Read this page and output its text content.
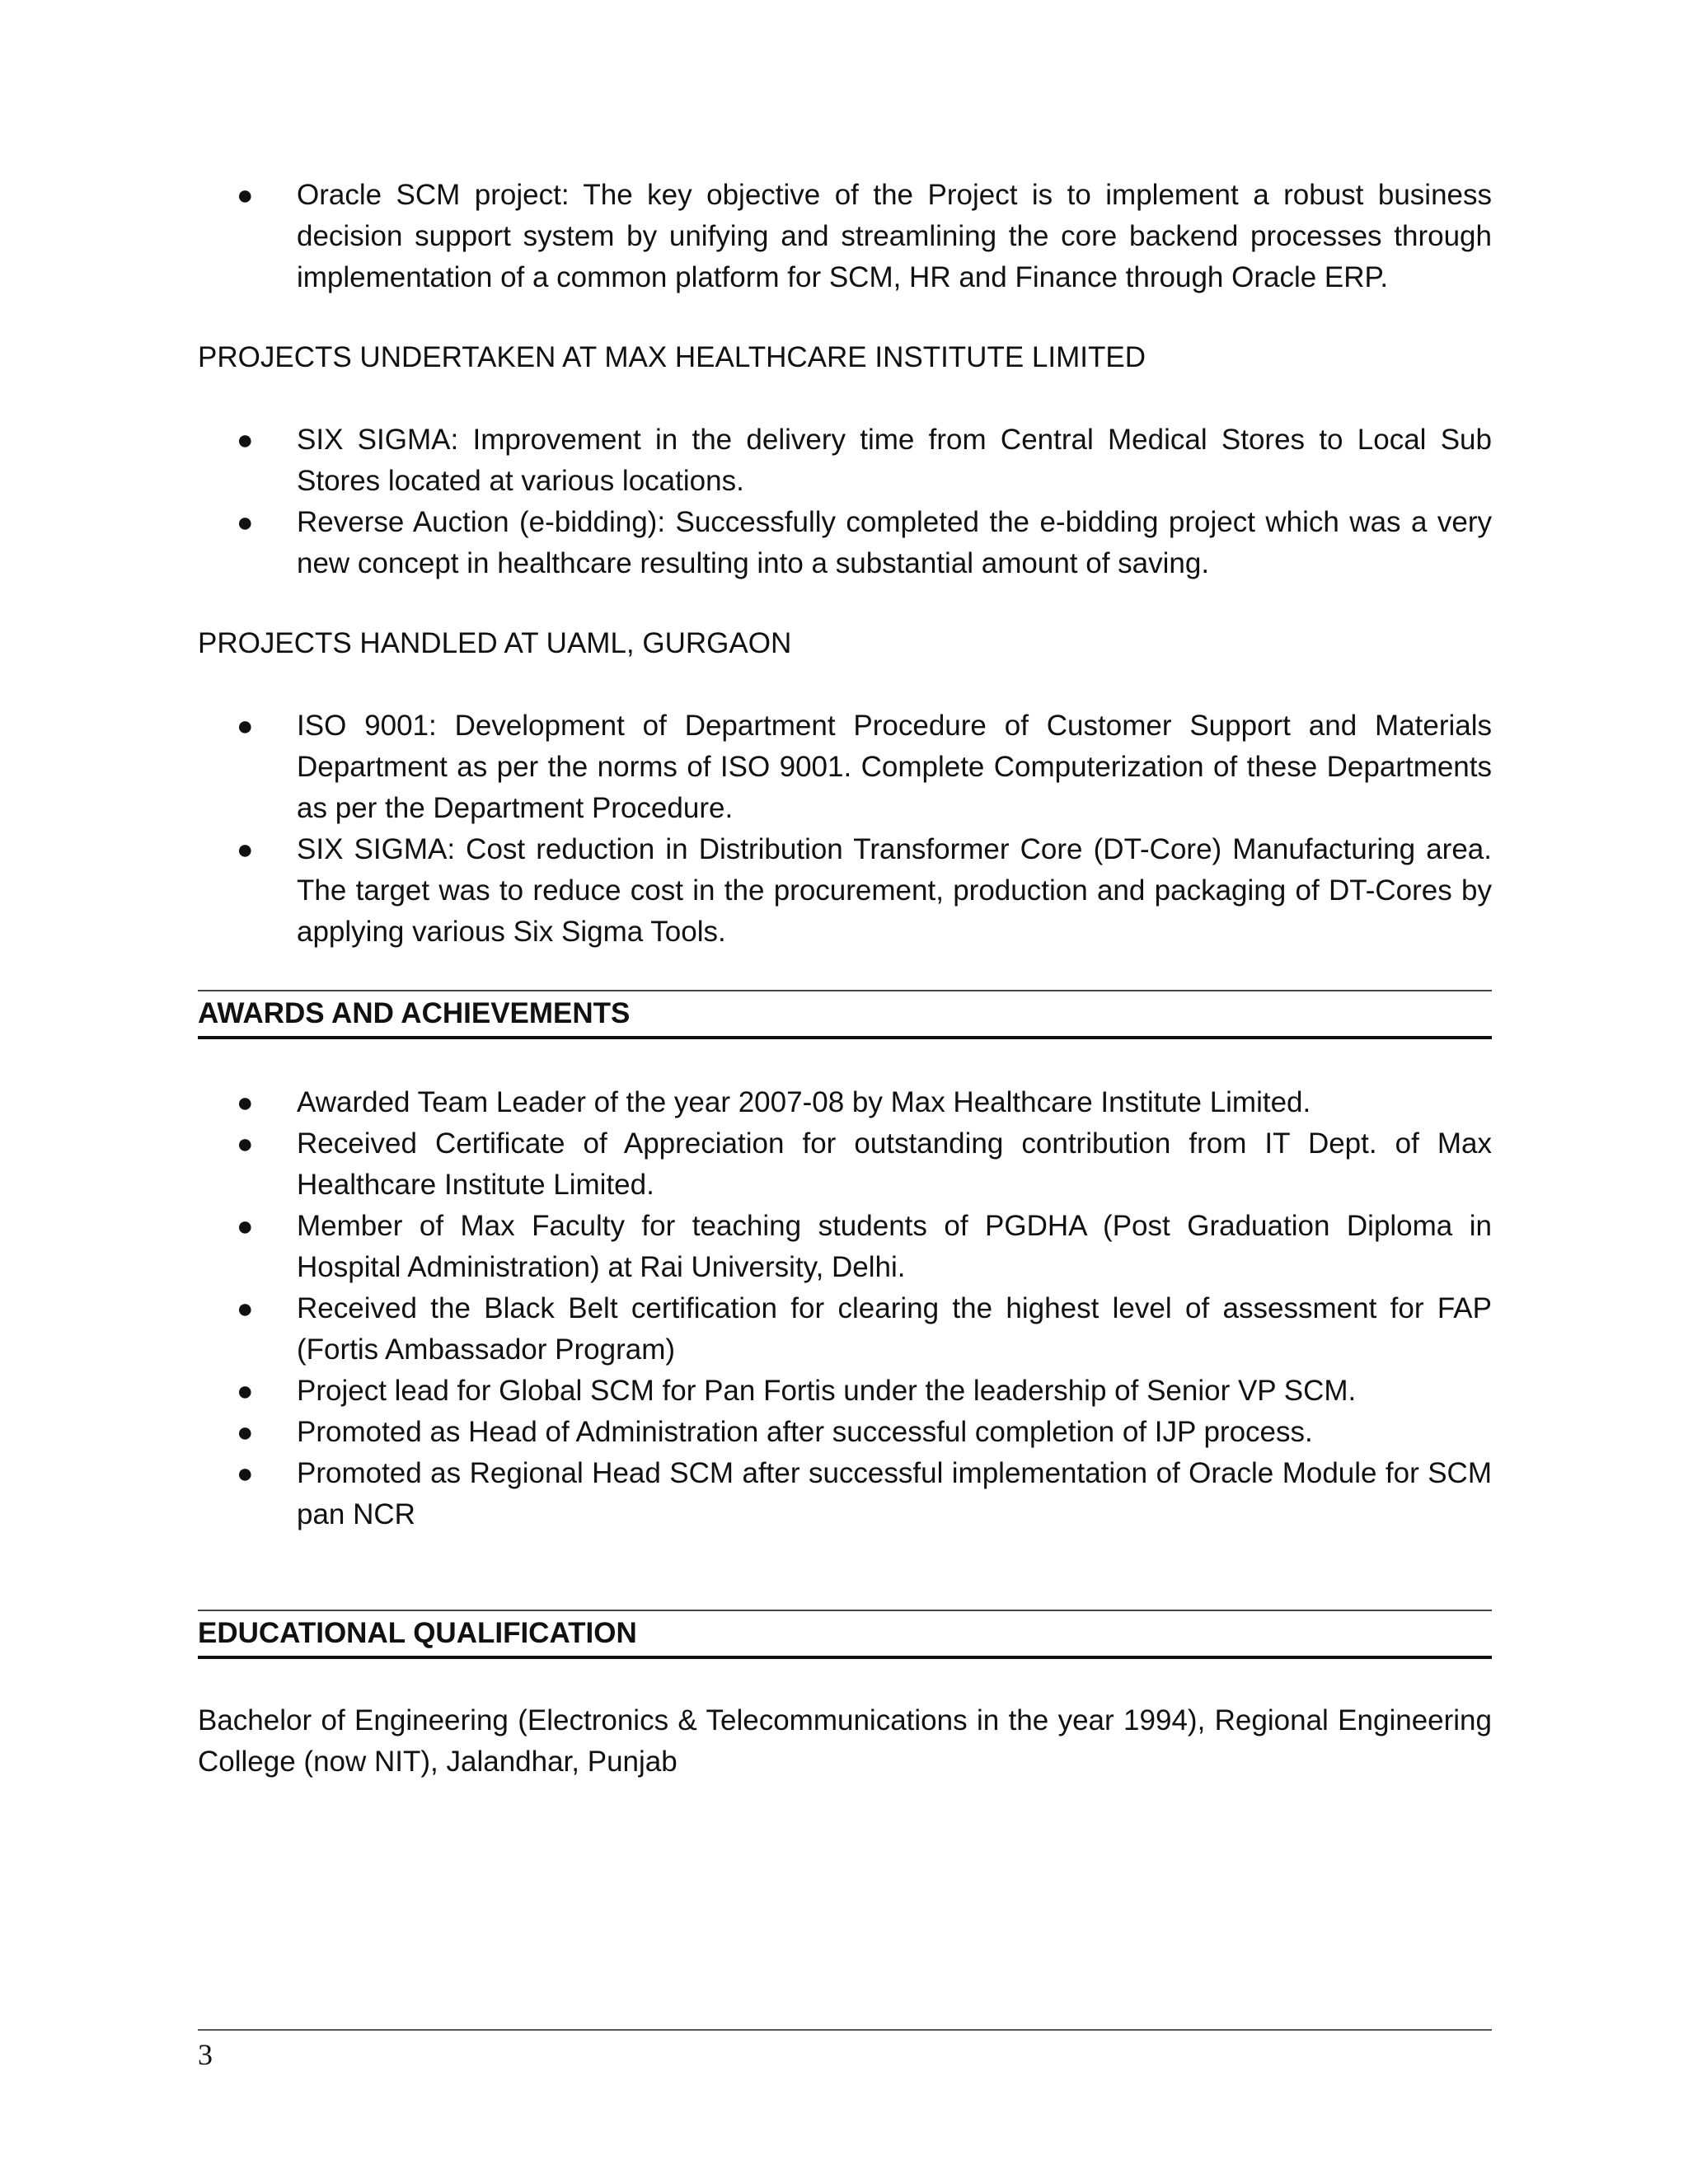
● Oracle SCM project: The key objective of the Project is to implement a robust business decision support system by unifying and streamlining the core backend processes through implementation of a common platform for SCM, HR and Finance through Oracle ERP.
PROJECTS UNDERTAKEN AT MAX HEALTHCARE INSTITUTE LIMITED
● SIX SIGMA: Improvement in the delivery time from Central Medical Stores to Local Sub Stores located at various locations.
● Reverse Auction (e-bidding): Successfully completed the e-bidding project which was a very new concept in healthcare resulting into a substantial amount of saving.
PROJECTS HANDLED AT UAML, GURGAON
● ISO 9001: Development of Department Procedure of Customer Support and Materials Department as per the norms of ISO 9001. Complete Computerization of these Departments as per the Department Procedure.
● SIX SIGMA: Cost reduction in Distribution Transformer Core (DT-Core) Manufacturing area. The target was to reduce cost in the procurement, production and packaging of DT-Cores by applying various Six Sigma Tools.
AWARDS AND ACHIEVEMENTS
● Awarded Team Leader of the year 2007-08 by Max Healthcare Institute Limited.
● Received Certificate of Appreciation for outstanding contribution from IT Dept. of Max Healthcare Institute Limited.
● Member of Max Faculty for teaching students of PGDHA (Post Graduation Diploma in Hospital Administration) at Rai University, Delhi.
● Received the Black Belt certification for clearing the highest level of assessment for FAP (Fortis Ambassador Program)
● Project lead for Global SCM for Pan Fortis under the leadership of Senior VP SCM.
● Promoted as Head of Administration after successful completion of IJP process.
● Promoted as Regional Head SCM after successful implementation of Oracle Module for SCM pan NCR
EDUCATIONAL QUALIFICATION

Bachelor of Engineering (Electronics & Telecommunications in the year 1994), Regional Engineering College (now NIT), Jalandhar, Punjab

3
